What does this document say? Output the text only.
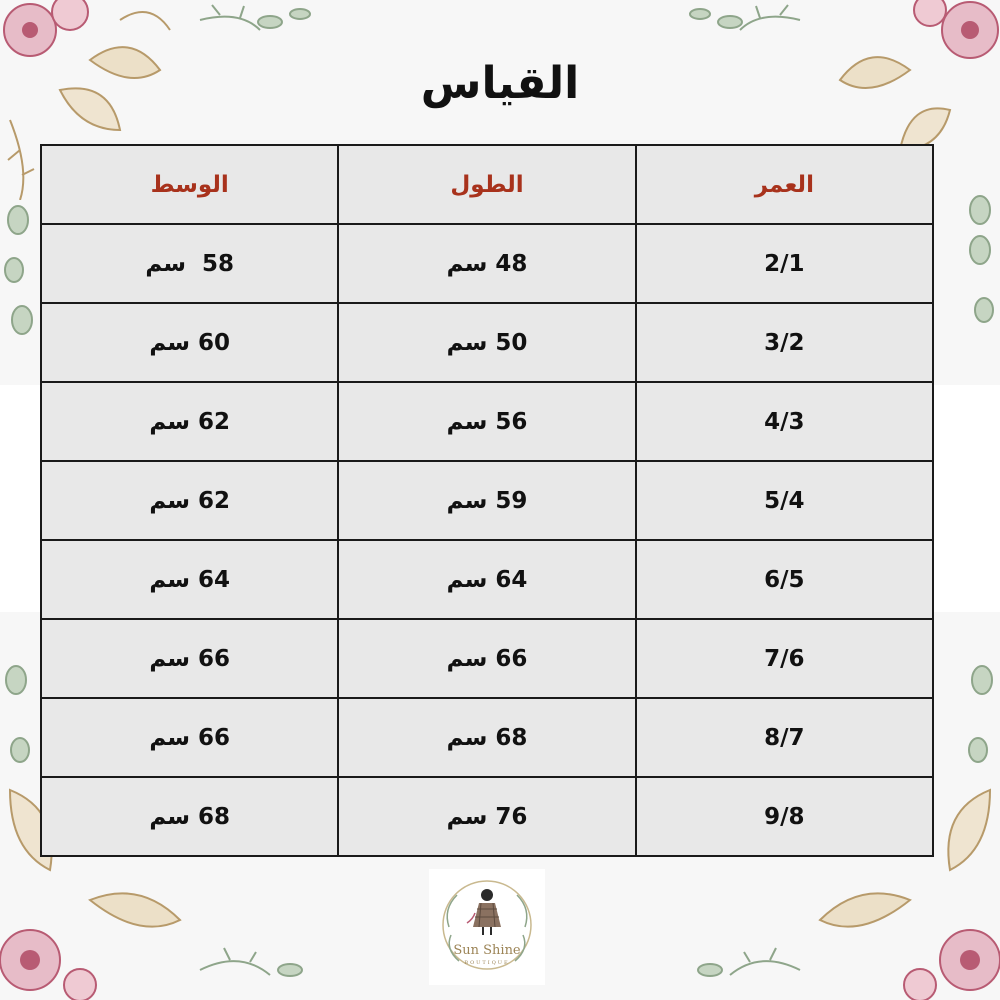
القياس
العمر	الطول	الوسط
2/1	48 سم	58  سم
3/2	50 سم	60 سم
4/3	56 سم	62 سم
5/4	59 سم	62 سم
6/5	64 سم	64 سم
7/6	66 سم	66 سم
8/7	68 سم	66 سم
9/8	76 سم	68 سم
Sun Shine
BOUTIQUE
